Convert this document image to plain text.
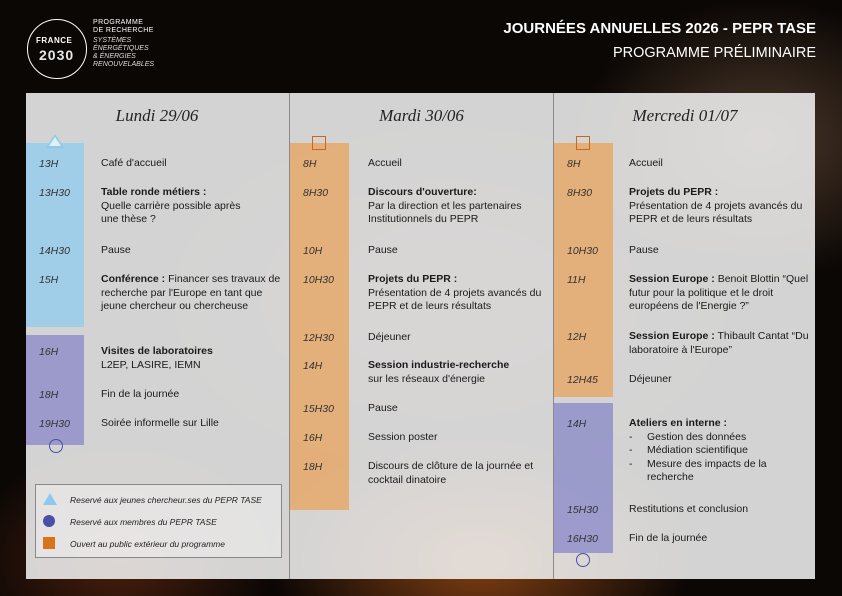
FRANCE
2030
PROGRAMME
DE RECHERCHE
SYSTÈMES
ÉNERGÉTIQUES
& ÉNERGIES
RENOUVELABLES
JOURNÉES ANNUELLES 2026 - PEPR TASE
PROGRAMME PRÉLIMINAIRE
Lundi 29/06
13H	Café d'accueil
13H30	Table ronde métiers :
Quelle carrière possible après une thèse ?
14H30	Pause
15H	Conférence : Financer ses travaux de recherche par l'Europe en tant que jeune chercheur ou chercheuse
16H	Visites de laboratoires
L2EP, LASIRE, IEMN
18H	Fin de la journée
19H30	Soirée informelle sur Lille
Reservé aux jeunes chercheur.ses du PEPR TASE
Reservé aux membres du PEPR TASE
Ouvert au public extérieur du programme
Mardi 30/06
8H	Accueil
8H30	Discours d'ouverture:
Par la direction et les partenaires Institutionnels du PEPR
10H	Pause
10H30	Projets du PEPR :
Présentation de 4 projets avancés du PEPR et de leurs résultats
12H30	Déjeuner
14H	Session industrie-recherche
sur les réseaux d'énergie
15H30	Pause
16H	Session poster
18H	Discours de clôture de la journée et cocktail dinatoire
Mercredi 01/07
8H	Accueil
8H30	Projets du PEPR :
Présentation de 4 projets avancés du PEPR et de leurs résultats
10H30	Pause
11H	Session Europe : Benoit Blottin “Quel futur pour la politique et le droit européens de l'Energie ?”
12H	Session Europe : Thibault Cantat “Du laboratoire à l'Europe”
12H45	Déjeuner
14H	Ateliers en interne :
- Gestion des données
- Médiation scientifique
- Mesure des impacts de la recherche
15H30	Restitutions et conclusion
16H30	Fin de la journée
